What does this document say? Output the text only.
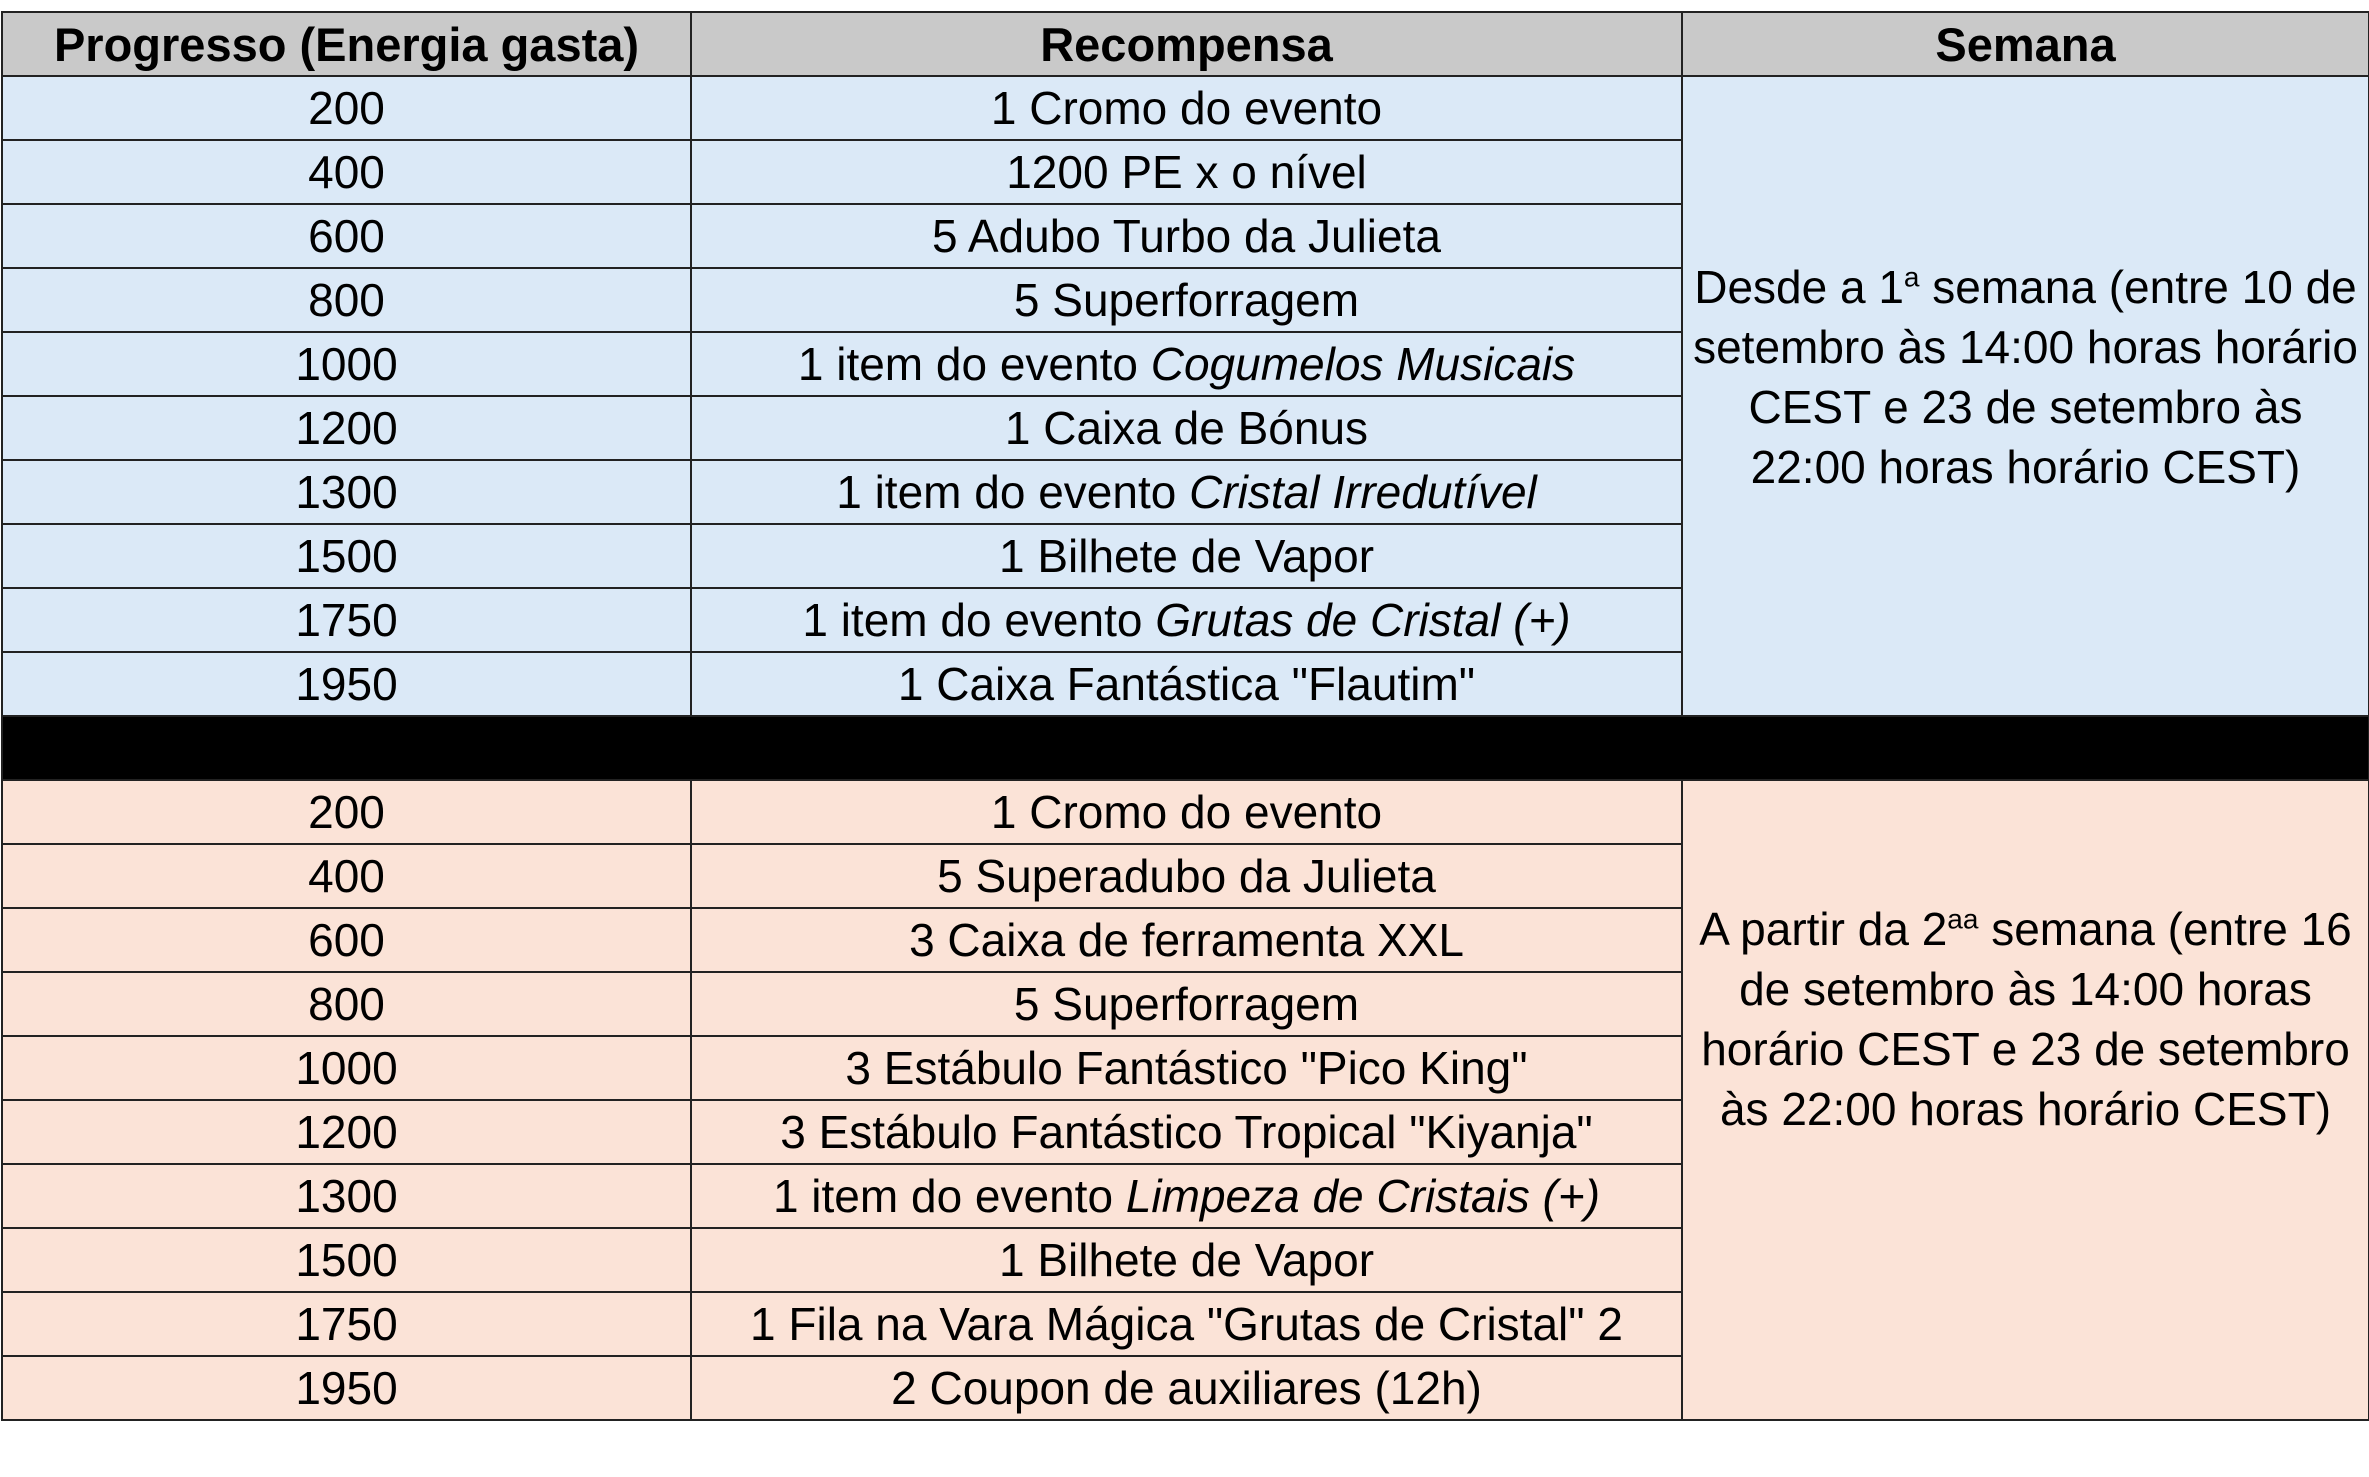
Progresso (Energia gasta)	Recompensa	Semana
200	1 Cromo do evento	Desde a 1$^a$ semana (entre 10 de setembro às 14:00 horas horário CEST e 23 de setembro às 22:00 horas horário CEST)
400	1200 PE x o nível	
600	5 Adubo Turbo da Julieta	
800	5 Superforragem	
1000	1 item do evento Cogumelos Musicais	
1200	1 Caixa de Bónus	
1300	1 item do evento Cristal Irredutível	
1500	1 Bilhete de Vapor	
1750	1 item do evento Grutas de Cristal (+)	
1950	1 Caixa Fantástica "Flautim"	

200	1 Cromo do evento	A partir da $2^{aa}$ semana (entre 16 de setembro às 14:00 horas horário CEST e 23 de setembro às 22:00 horas horário CEST)
400	5 Superadubo da Julieta	
600	3 Caixa de ferramenta XXL	
800	5 Superforragem	
1000	3 Estábulo Fantástico "Pico King"	
1200	3 Estábulo Fantástico Tropical "Kiyanja"	
1300	1 item do evento Limpeza de Cristais (+)	
1500	1 Bilhete de Vapor	
1750	1 Fila na Vara Mágica "Grutas de Cristal" 2	
1950	2 Coupon de auxiliares (12h)	
